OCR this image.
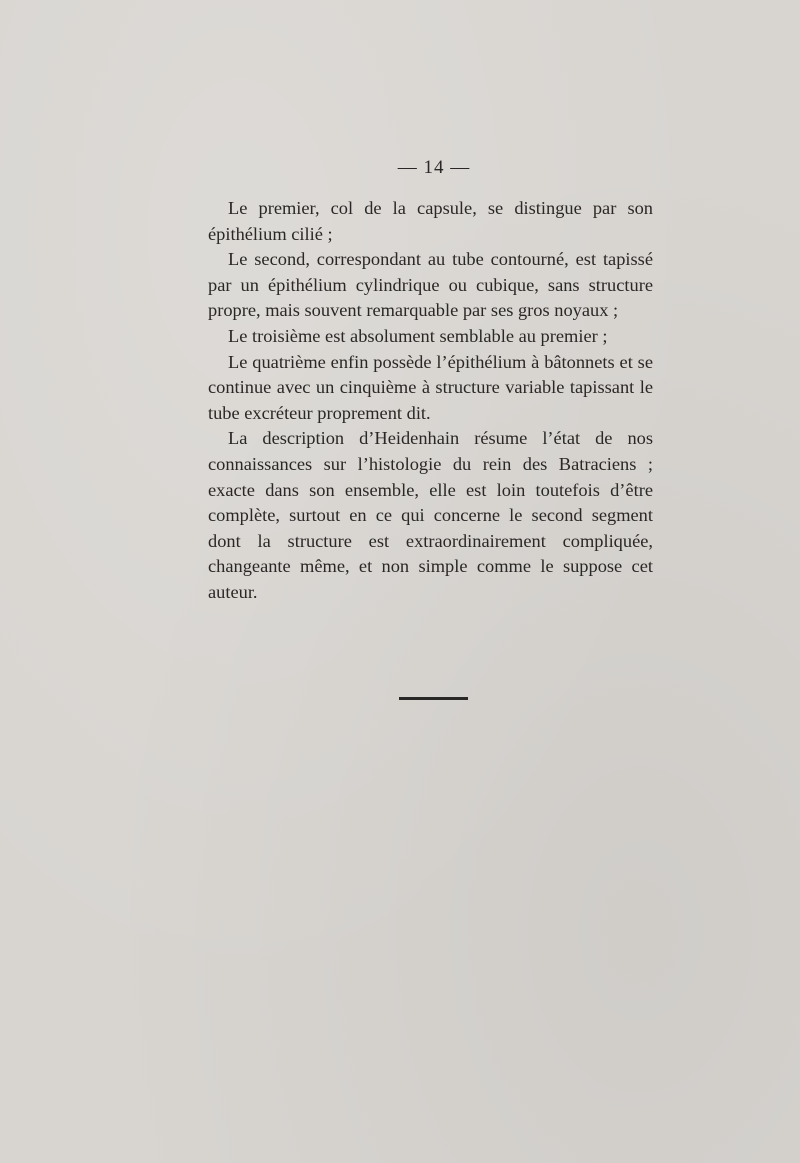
— 14 —

Le premier, col de la capsule, se distingue par son épithélium cilié ;

Le second, correspondant au tube contourné, est tapissé par un épithélium cylindrique ou cubique, sans structure propre, mais souvent remarquable par ses gros noyaux ;

Le troisième est absolument semblable au premier ;

Le quatrième enfin possède l’épithélium à bâtonnets et se continue avec un cinquième à structure variable tapissant le tube excréteur proprement dit.

La description d’Heidenhain résume l’état de nos connaissances sur l’histologie du rein des Batraciens ; exacte dans son ensemble, elle est loin toutefois d’être complète, surtout en ce qui concerne le second segment dont la structure est extraordinairement compliquée, changeante même, et non simple comme le suppose cet auteur.
